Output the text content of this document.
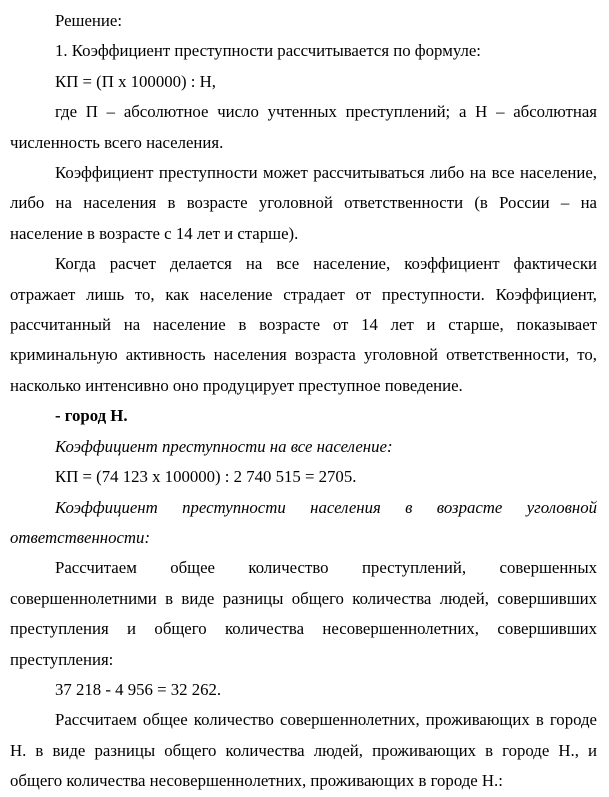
Решение:

1. Коэффициент преступности рассчитывается по формуле:

КП = (П х 100000) : Н,

где П – абсолютное число учтенных преступлений; а Н – абсолютная численность всего населения.

Коэффициент преступности может рассчитываться либо на все население, либо на населения в возрасте уголовной ответственности (в России – на население в возрасте с 14 лет и старше).

Когда расчет делается на все население, коэффициент фактически отражает лишь то, как население страдает от преступности. Коэффициент, рассчитанный на население в возрасте от 14 лет и старше, показывает криминальную активность населения возраста уголовной ответственности, то, насколько интенсивно оно продуцирует преступное поведение.

- город Н.

Коэффициент преступности на все население:

КП = (74 123 х 100000) : 2 740 515 = 2705.

Коэффициент преступности населения в возрасте уголовной ответственности:

Рассчитаем общее количество преступлений, совершенных совершеннолетними в виде разницы общего количества людей, совершивших преступления и общего количества несовершеннолетних, совершивших преступления:

37 218 - 4 956 = 32 262.

Рассчитаем общее количество совершеннолетних, проживающих в городе Н. в виде разницы общего количества людей, проживающих в городе Н., и общего количества несовершеннолетних, проживающих в городе Н.:
